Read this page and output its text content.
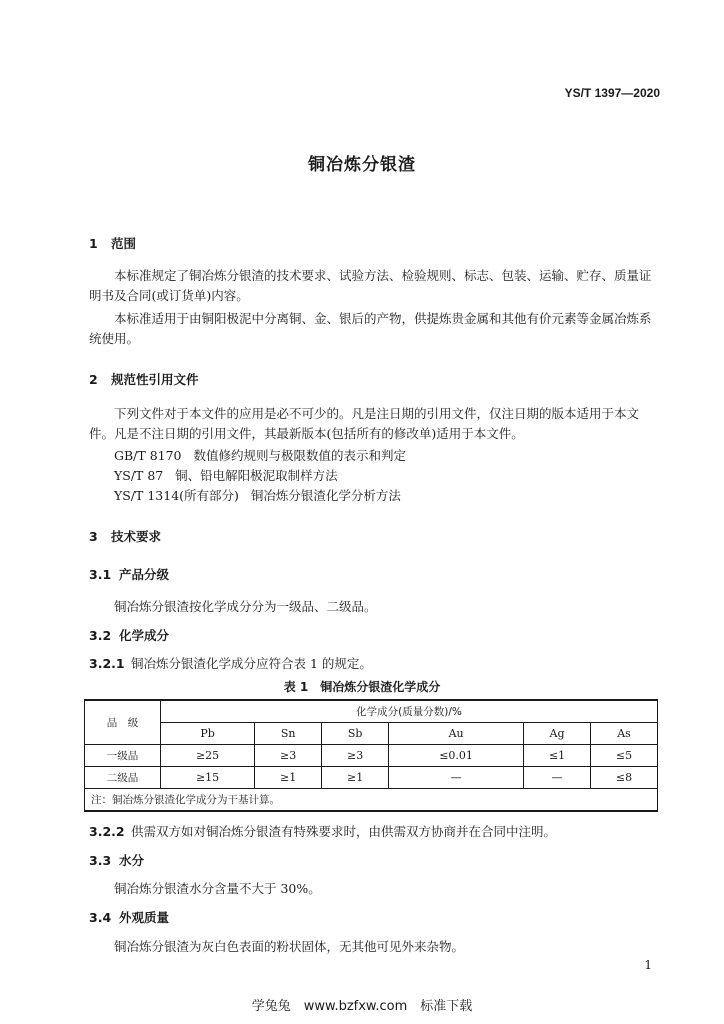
YS/T 1397—2020
铜冶炼分银渣
1 范围
本标准规定了铜冶炼分银渣的技术要求、试验方法、检验规则、标志、包装、运输、贮存、质量证明书及合同(或订货单)内容。
本标准适用于由铜阳极泥中分离铜、金、银后的产物，供提炼贵金属和其他有价元素等金属冶炼系统使用。
2 规范性引用文件
下列文件对于本文件的应用是必不可少的。凡是注日期的引用文件，仅注日期的版本适用于本文件。凡是不注日期的引用文件，其最新版本(包括所有的修改单)适用于本文件。
GB/T 8170 数值修约规则与极限数值的表示和判定
YS/T 87 铜、铅电解阳极泥取制样方法
YS/T 1314(所有部分) 铜冶炼分银渣化学分析方法
3 技术要求
3.1 产品分级
铜冶炼分银渣按化学成分分为一级品、二级品。
3.2 化学成分
3.2.1 铜冶炼分银渣化学成分应符合表 1 的规定。
表 1　铜冶炼分银渣化学成分
品　级	化学成分(质量分数)/%					
	Pb	Sn	Sb	Au	Ag	As
一级品	≥25	≥3	≥3	≤0.01	≤1	≤5
二级品	≥15	≥1	≥1	—	—	≤8
注：铜冶炼分银渣化学成分为干基计算。						
3.2.2 供需双方如对铜冶炼分银渣有特殊要求时，由供需双方协商并在合同中注明。
3.3 水分
铜冶炼分银渣水分含量不大于 30%。
3.4 外观质量
铜冶炼分银渣为灰白色表面的粉状固体，无其他可见外来杂物。
1
学兔兔　www.bzfxw.com　标准下载
